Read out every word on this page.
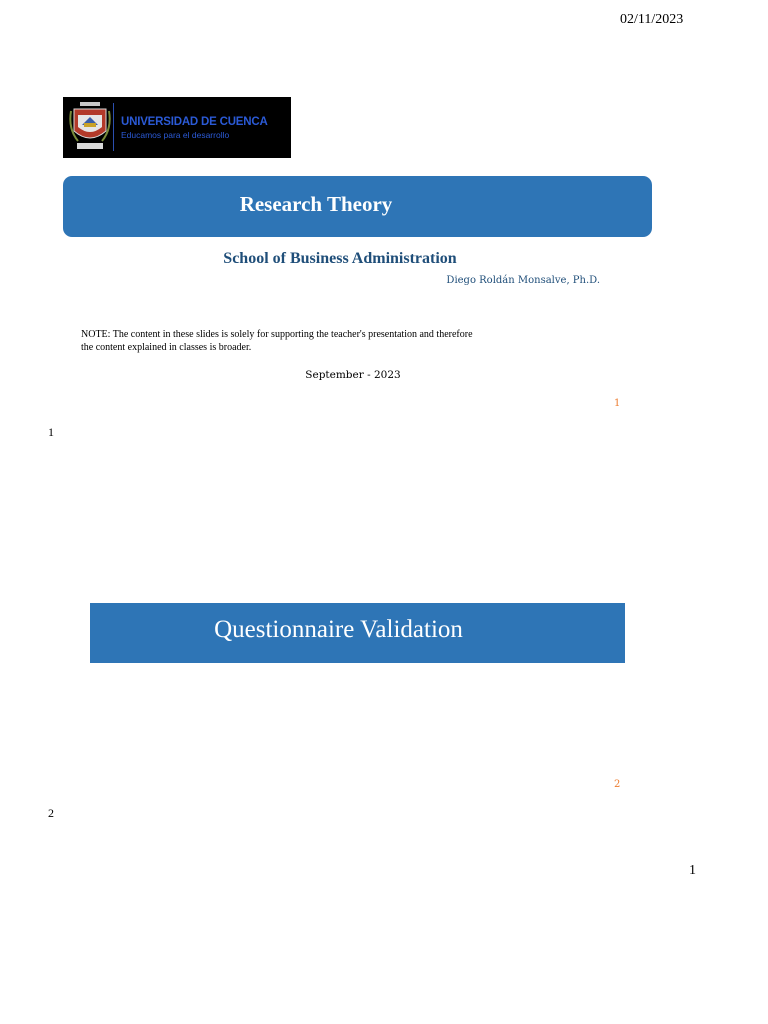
02/11/2023
UNIVERSIDAD DE CUENCA
Educamos para el desarrollo
Research Theory
School of Business Administration
Diego Roldán Monsalve, Ph.D.
NOTE: The content in these slides is solely for supporting the teacher's presentation and therefore
the content explained in classes is broader.
September - 2023
1
1
Questionnaire Validation
2
2
1
